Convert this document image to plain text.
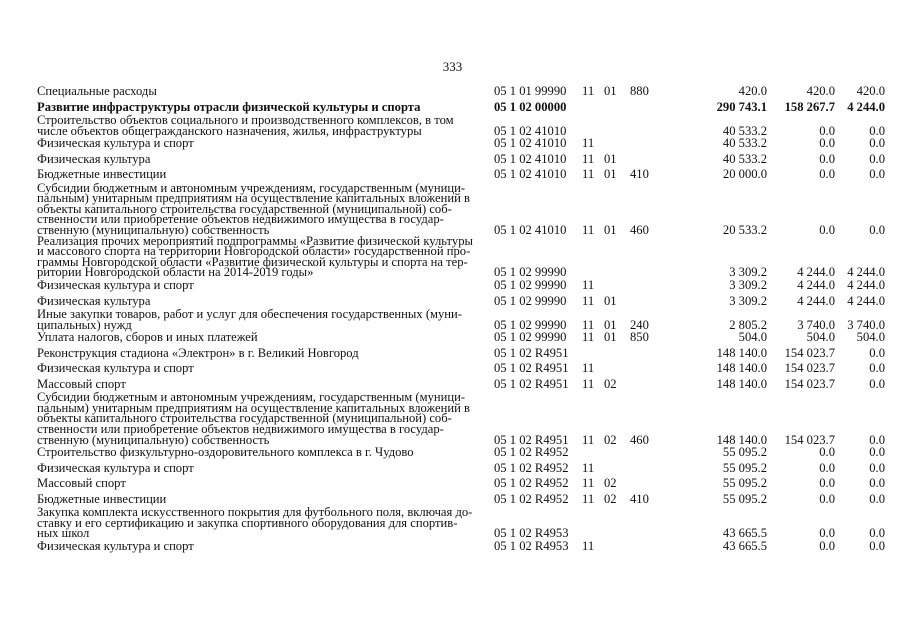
333
Специальные расходы	05 1 01 99990	11	01	880	420.0	420.0	420.0
Развитие инфраструктуры отрасли физической культуры и спорта	05 1 02 00000				290 743.1	158 267.7	4 244.0
Строительство объектов социального и производственного комплексов, в том
числе объектов общегражданского назначения, жилья, инфраструктуры	05 1 02 41010				40 533.2	0.0	0.0
Физическая культура и спорт	05 1 02 41010	11			40 533.2	0.0	0.0
Физическая культура	05 1 02 41010	11	01		40 533.2	0.0	0.0
Бюджетные инвестиции	05 1 02 41010	11	01	410	20 000.0	0.0	0.0
Субсидии бюджетным и автономным учреждениям, государственным (муници-
пальным) унитарным предприятиям на осуществление капитальных вложений в
объекты капитального строительства государственной (муниципальной) соб-
ственности или приобретение объектов недвижимого имущества в государ-
ственную (муниципальную) собственность	05 1 02 41010	11	01	460	20 533.2	0.0	0.0
Реализация прочих мероприятий подпрограммы «Развитие физической культуры
и массового спорта на территории Новгородской области» государственной про-
граммы Новгородской области «Развитие физической культуры и спорта на тер-
ритории Новгородской области на 2014-2019 годы»	05 1 02 99990				3 309.2	4 244.0	4 244.0
Физическая культура и спорт	05 1 02 99990	11			3 309.2	4 244.0	4 244.0
Физическая культура	05 1 02 99990	11	01		3 309.2	4 244.0	4 244.0
Иные закупки товаров, работ и услуг для обеспечения государственных (муни-
ципальных) нужд	05 1 02 99990	11	01	240	2 805.2	3 740.0	3 740.0
Уплата налогов, сборов и иных платежей	05 1 02 99990	11	01	850	504.0	504.0	504.0
Реконструкция стадиона «Электрон» в г. Великий Новгород	05 1 02 R4951				148 140.0	154 023.7	0.0
Физическая культура и спорт	05 1 02 R4951	11			148 140.0	154 023.7	0.0
Массовый спорт	05 1 02 R4951	11	02		148 140.0	154 023.7	0.0
Субсидии бюджетным и автономным учреждениям, государственным (муници-
пальным) унитарным предприятиям на осуществление капитальных вложений в
объекты капитального строительства государственной (муниципальной) соб-
ственности или приобретение объектов недвижимого имущества в государ-
ственную (муниципальную) собственность	05 1 02 R4951	11	02	460	148 140.0	154 023.7	0.0
Строительство физкультурно-оздоровительного комплекса в г. Чудово	05 1 02 R4952				55 095.2	0.0	0.0
Физическая культура и спорт	05 1 02 R4952	11			55 095.2	0.0	0.0
Массовый спорт	05 1 02 R4952	11	02		55 095.2	0.0	0.0
Бюджетные инвестиции	05 1 02 R4952	11	02	410	55 095.2	0.0	0.0
Закупка комплекта искусственного покрытия для футбольного поля, включая до-
ставку и его сертификацию и закупка спортивного оборудования для спортив-
ных школ	05 1 02 R4953				43 665.5	0.0	0.0
Физическая культура и спорт	05 1 02 R4953	11			43 665.5	0.0	0.0
